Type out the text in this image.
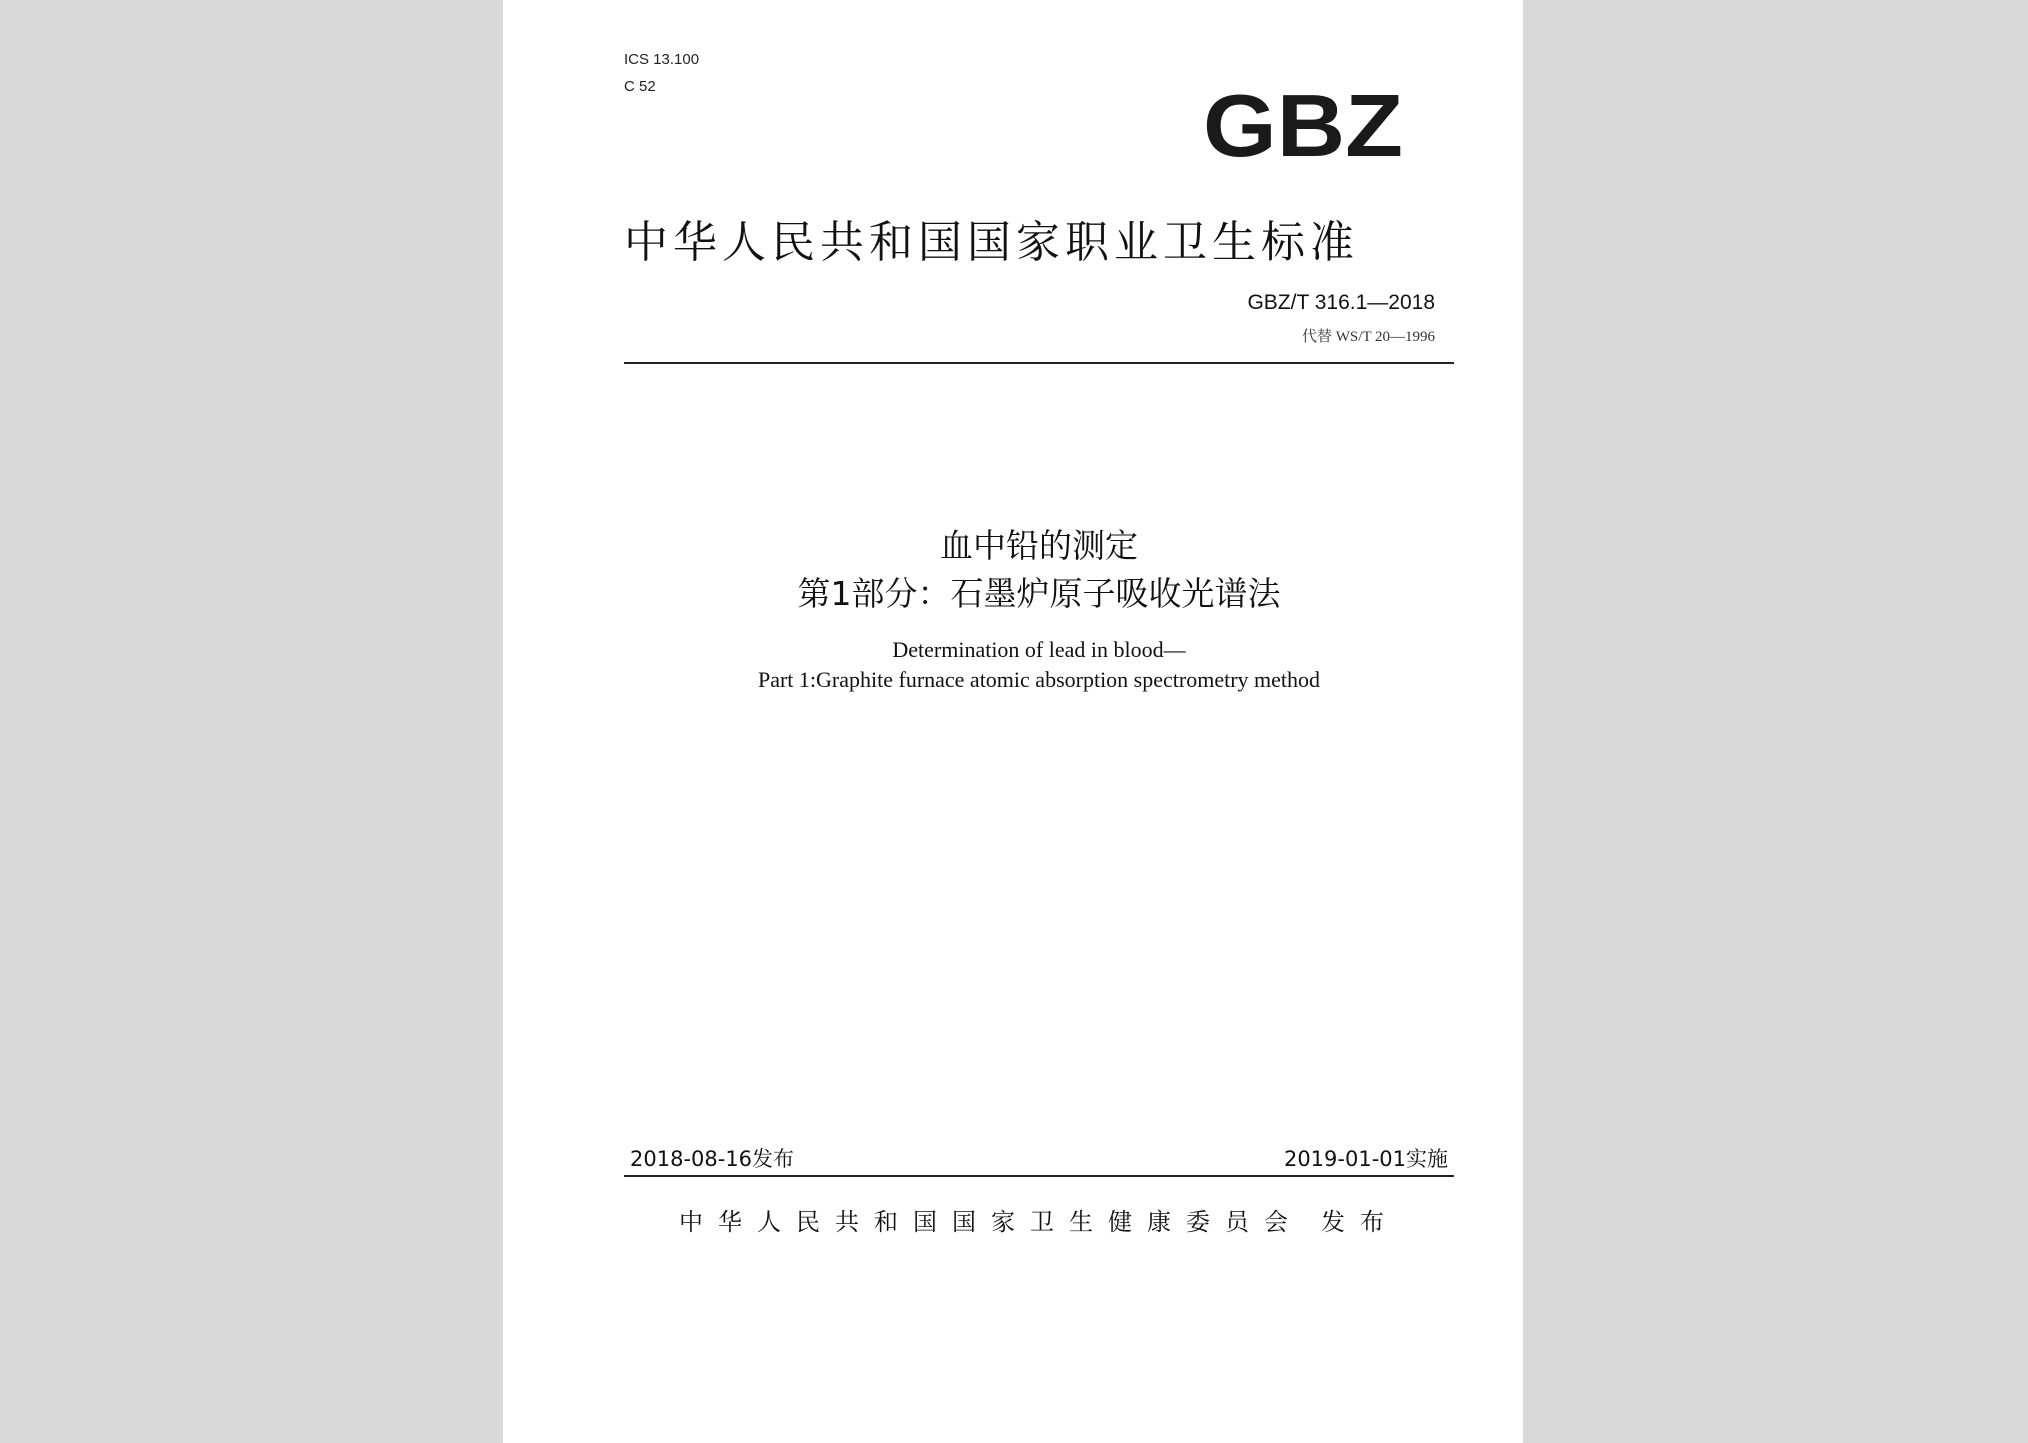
ICS 13.100
C 52	GBZ
中华人民共和国国家职业卫生标准
GBZ/T 316.1—2018
代替 WS/T 20—1996
血中铅的测定
第1部分：石墨炉原子吸收光谱法
Determination of lead in blood—
Part 1:Graphite furnace atomic absorption spectrometry method
2018-08-16发布	2019-01-01实施
中华人民共和国国家卫生健康委员会 发布
